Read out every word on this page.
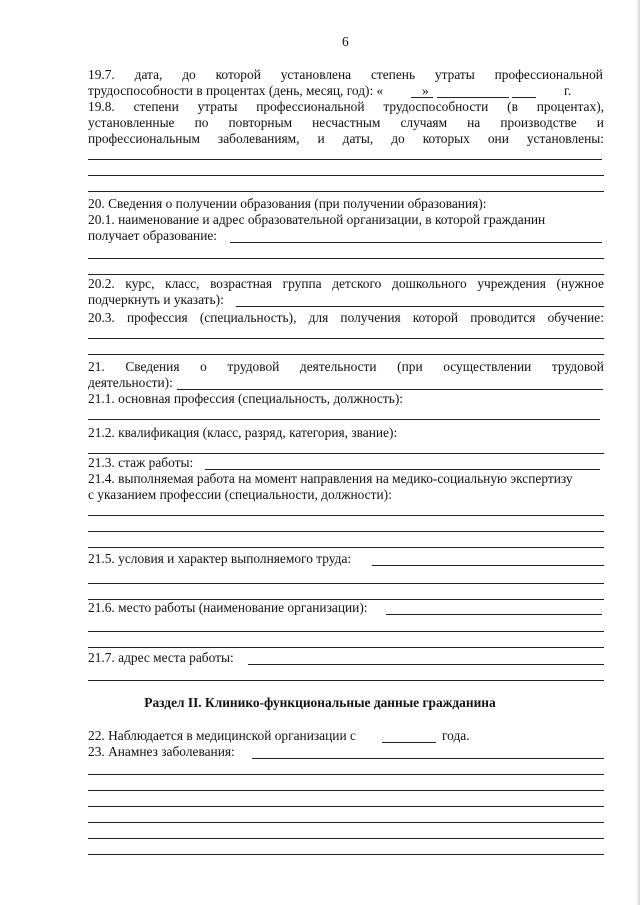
6
19.7. дата, до которой установлена степень утраты профессиональной
трудоспособности в процентах (день, месяц, год): «	»	г.
19.8. степени утраты профессиональной трудоспособности (в процентах),
установленные по повторным несчастным случаям на производстве и
профессиональным заболеваниям, и даты, до которых они установлены:
20. Сведения о получении образования (при получении образования):
20.1. наименование и адрес образовательной организации, в которой гражданин
получает образование:
20.2. курс, класс, возрастная группа детского дошкольного учреждения (нужное
подчеркнуть и указать):
20.3. профессия (специальность), для получения которой проводится обучение:
21. Сведения о трудовой деятельности (при осуществлении трудовой
деятельности):
21.1. основная профессия (специальность, должность):
21.2. квалификация (класс, разряд, категория, звание):
21.3. стаж работы:
21.4. выполняемая работа на момент направления на медико-социальную экспертизу
с указанием профессии (специальности, должности):
21.5. условия и характер выполняемого труда:
21.6. место работы (наименование организации):
21.7. адрес места работы:
Раздел II. Клинико-функциональные данные гражданина
22. Наблюдается в медицинской организации с	года.
23. Анамнез заболевания:
